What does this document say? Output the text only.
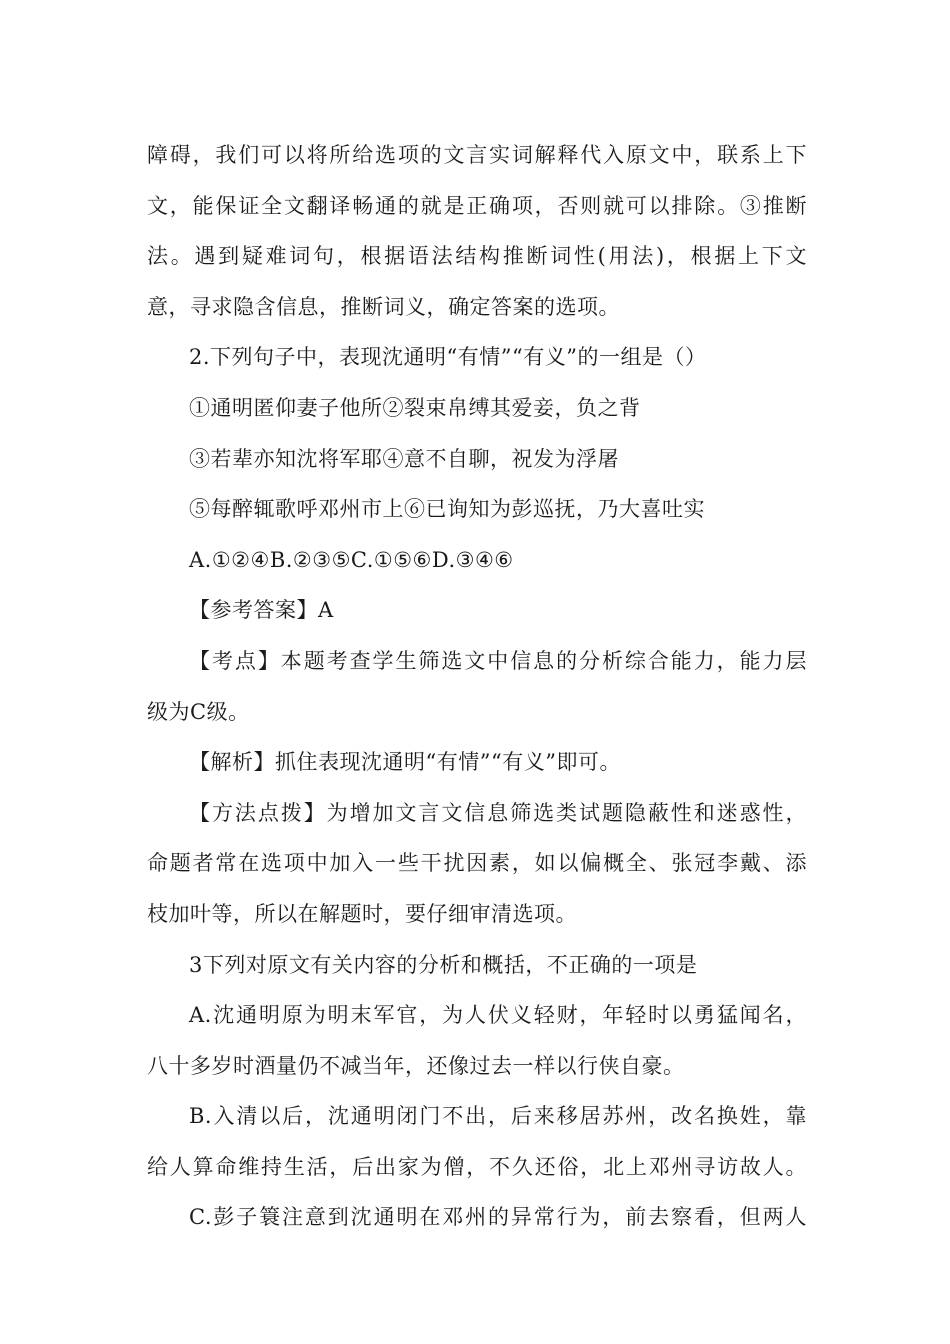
障碍，我们可以将所给选项的文言实词解释代入原文中，联系上下
文，能保证全文翻译畅通的就是正确项，否则就可以排除。③推断
法。遇到疑难词句，根据语法结构推断词性(用法)，根据上下文
意，寻求隐含信息，推断词义，确定答案的选项。
2.下列句子中，表现沈通明“有情”“有义”的一组是（）
①通明匿仰妻子他所②裂束帛缚其爱妾，负之背
③若辈亦知沈将军耶④意不自聊，祝发为浮屠
⑤每醉辄歌呼邓州市上⑥已询知为彭巡抚，乃大喜吐实
A.①②④B.②③⑤C.①⑤⑥D.③④⑥
【参考答案】A
【考点】本题考查学生筛选文中信息的分析综合能力，能力层
级为C级。
【解析】抓住表现沈通明“有情”“有义”即可。
【方法点拨】为增加文言文信息筛选类试题隐蔽性和迷惑性，
命题者常在选项中加入一些干扰因素，如以偏概全、张冠李戴、添
枝加叶等，所以在解题时，要仔细审清选项。
3下列对原文有关内容的分析和概括，不正确的一项是
A.沈通明原为明末军官，为人伏义轻财，年轻时以勇猛闻名，
八十多岁时酒量仍不减当年，还像过去一样以行侠自豪。
B.入清以后，沈通明闭门不出，后来移居苏州，改名换姓，靠
给人算命维持生活，后出家为僧，不久还俗，北上邓州寻访故人。
C.彭子簑注意到沈通明在邓州的异常行为，前去察看，但两人
